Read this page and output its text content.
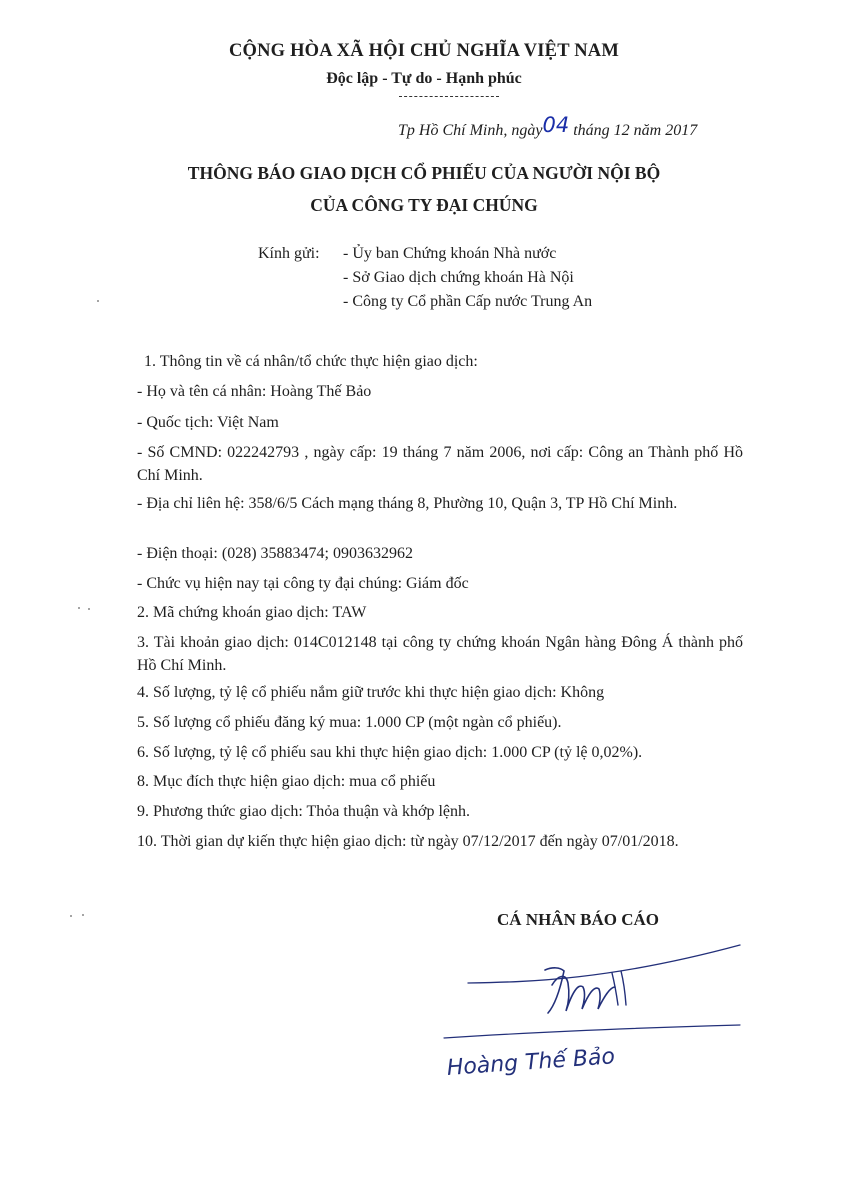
CỘNG HÒA XÃ HỘI CHỦ NGHĨA VIỆT NAM
Độc lập - Tự do - Hạnh phúc
Tp Hồ Chí Minh, ngày04 tháng 12 năm 2017
THÔNG BÁO GIAO DỊCH CỔ PHIẾU CỦA NGƯỜI NỘI BỘ
CỦA CÔNG TY ĐẠI CHÚNG
Kính gửi: - Ủy ban Chứng khoán Nhà nước
- Sở Giao dịch chứng khoán Hà Nội
- Công ty Cổ phần Cấp nước Trung An
1. Thông tin về cá nhân/tổ chức thực hiện giao dịch:
- Họ và tên cá nhân: Hoàng Thế Bảo
- Quốc tịch: Việt Nam
- Số CMND: 022242793 , ngày cấp: 19 tháng 7 năm 2006, nơi cấp: Công an Thành phố Hồ Chí Minh.
- Địa chỉ liên hệ: 358/6/5 Cách mạng tháng 8, Phường 10, Quận 3, TP Hồ Chí Minh.
- Điện thoại: (028) 35883474; 0903632962
- Chức vụ hiện nay tại công ty đại chúng: Giám đốc
2. Mã chứng khoán giao dịch: TAW
3. Tài khoản giao dịch: 014C012148 tại công ty chứng khoán Ngân hàng Đông Á thành phố Hồ Chí Minh.
4. Số lượng, tỷ lệ cổ phiếu nắm giữ trước khi thực hiện giao dịch: Không
5. Số lượng cổ phiếu đăng ký mua: 1.000 CP (một ngàn cổ phiếu).
6. Số lượng, tỷ lệ cổ phiếu sau khi thực hiện giao dịch: 1.000 CP (tỷ lệ 0,02%).
8. Mục đích thực hiện giao dịch: mua cổ phiếu
9. Phương thức giao dịch: Thỏa thuận và khớp lệnh.
10. Thời gian dự kiến thực hiện giao dịch: từ ngày 07/12/2017 đến ngày 07/01/2018.
CÁ NHÂN BÁO CÁO
Hoàng Thế Bảo
